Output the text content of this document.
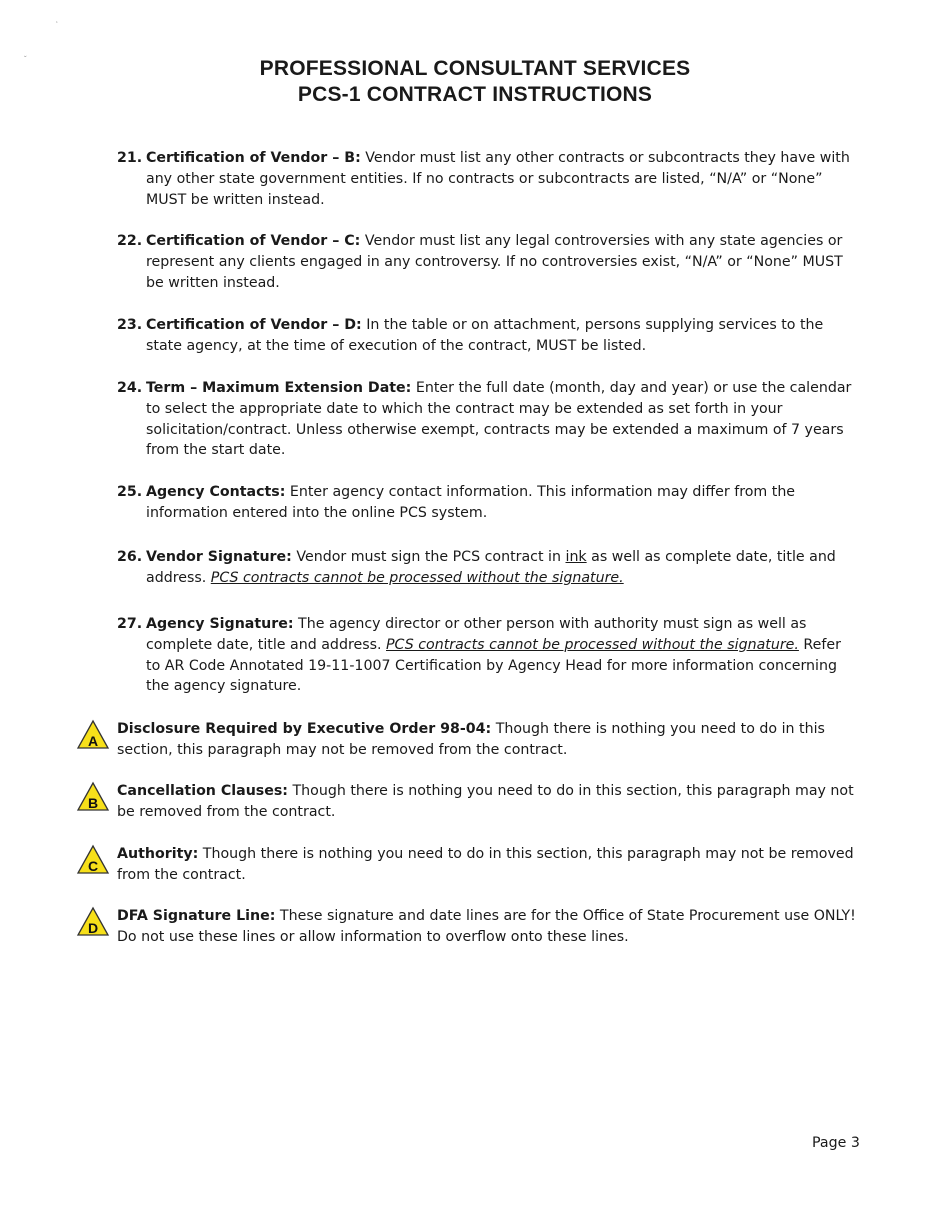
‘
ˇ	PROFESSIONAL CONSULTANT SERVICES
PCS-1 CONTRACT INSTRUCTIONS
21. Certification of Vendor – B: Vendor must list any other contracts or subcontracts they have with any other state government entities. If no contracts or subcontracts are listed, “N/A” or “None” MUST be written instead.
22. Certification of Vendor – C: Vendor must list any legal controversies with any state agencies or represent any clients engaged in any controversy. If no controversies exist, “N/A” or “None” MUST be written instead.
23. Certification of Vendor – D: In the table or on attachment, persons supplying services to the state agency, at the time of execution of the contract, MUST be listed.
24. Term – Maximum Extension Date: Enter the full date (month, day and year) or use the calendar to select the appropriate date to which the contract may be extended as set forth in your solicitation/contract. Unless otherwise exempt, contracts may be extended a maximum of 7 years from the start date.
25. Agency Contacts: Enter agency contact information. This information may differ from the information entered into the online PCS system.
26. Vendor Signature: Vendor must sign the PCS contract in ink as well as complete date, title and address. PCS contracts cannot be processed without the signature.
27. Agency Signature: The agency director or other person with authority must sign as well as complete date, title and address. PCS contracts cannot be processed without the signature. Refer to AR Code Annotated 19-11-1007 Certification by Agency Head for more information concerning the agency signature.
A
Disclosure Required by Executive Order 98-04: Though there is nothing you need to do in this section, this paragraph may not be removed from the contract.
B
Cancellation Clauses: Though there is nothing you need to do in this section, this paragraph may not be removed from the contract.
C
Authority: Though there is nothing you need to do in this section, this paragraph may not be removed from the contract.
D
DFA Signature Line: These signature and date lines are for the Office of State Procurement use ONLY! Do not use these lines or allow information to overflow onto these lines.
Page 3
